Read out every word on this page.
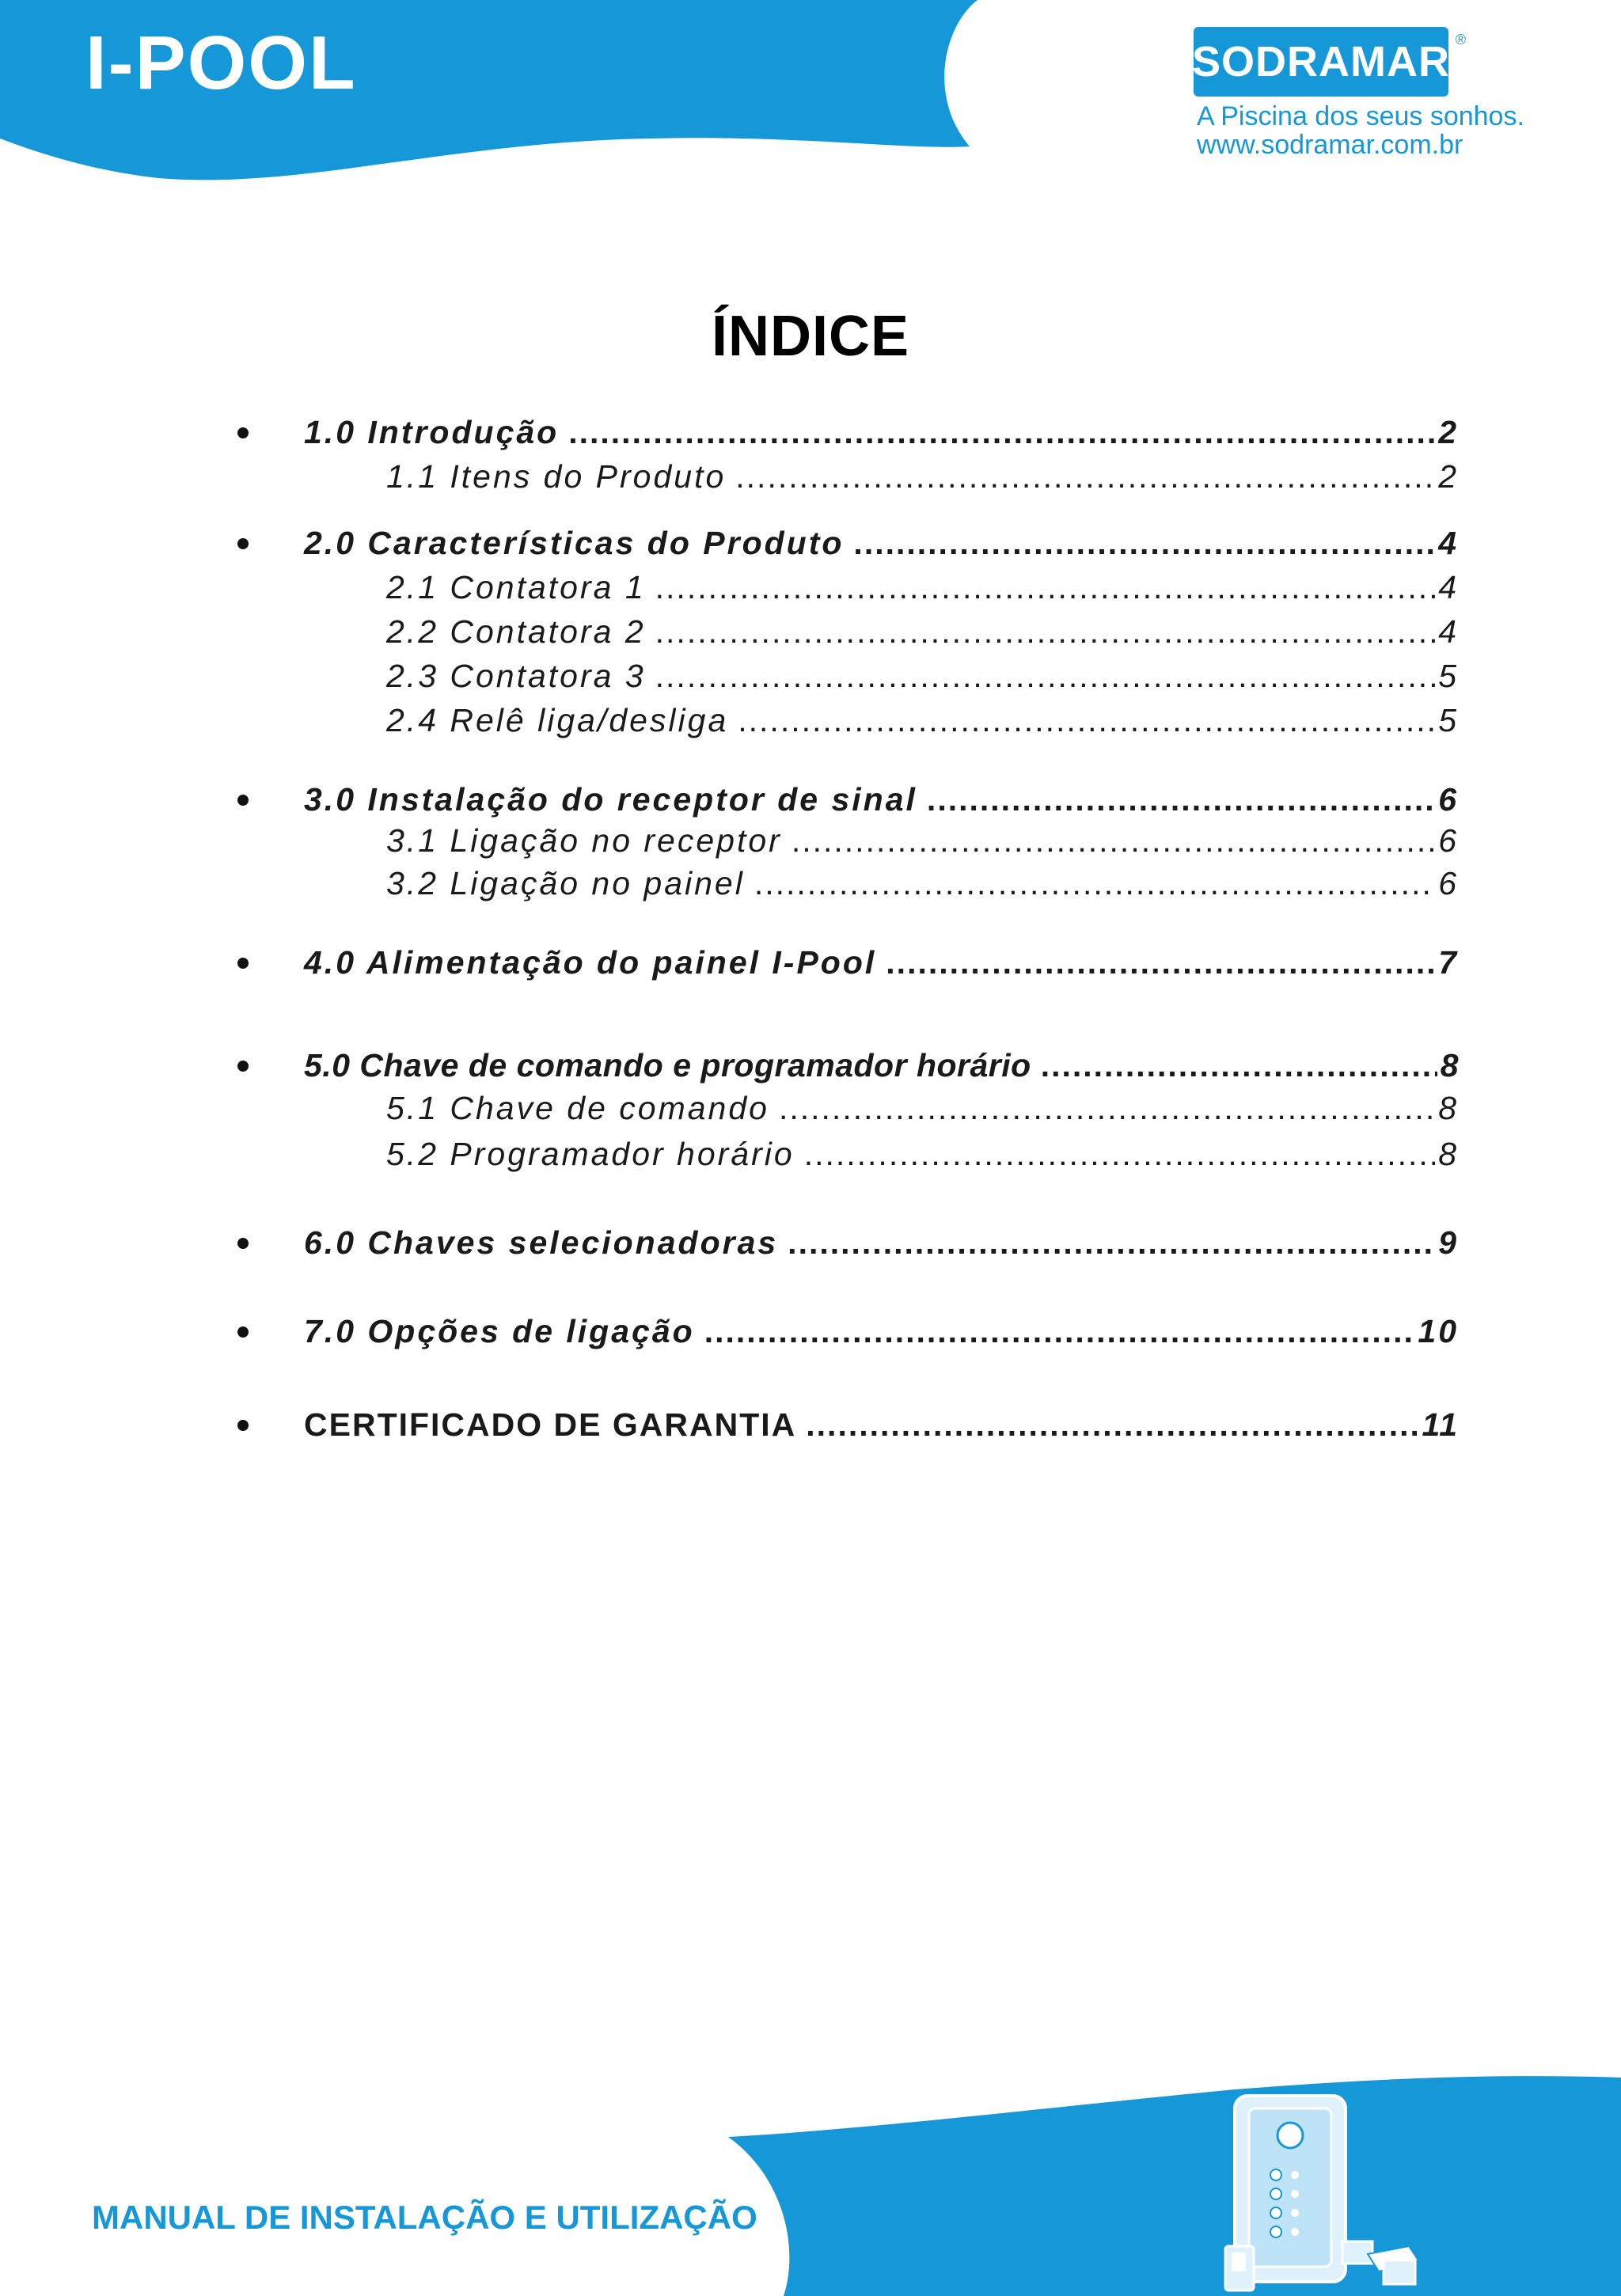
I-POOL	SODRAMAR ®
A Piscina dos seus sonhos.
www.sodramar.com.br
ÍNDICE
1.0 Introdução .....	2
1.1 Itens do Produto .....	2
2.0 Características do Produto .....	4
2.1 Contatora 1 .....	4
2.2 Contatora 2 .....	4
2.3 Contatora 3 .....	5
2.4 Relê liga/desliga .....	5
3.0 Instalação do receptor de sinal .....	6
3.1 Ligação no receptor .....	6
3.2 Ligação no painel .....	6
4.0 Alimentação do painel I-Pool .....	7
5.0 Chave de comando e programador horário .....	8
5.1 Chave de comando .....	8
5.2 Programador horário .....	8
6.0 Chaves selecionadoras .....	9
7.0 Opções de ligação .....	10
CERTIFICADO DE GARANTIA .....	11
MANUAL DE INSTALAÇÃO E UTILIZAÇÃO
